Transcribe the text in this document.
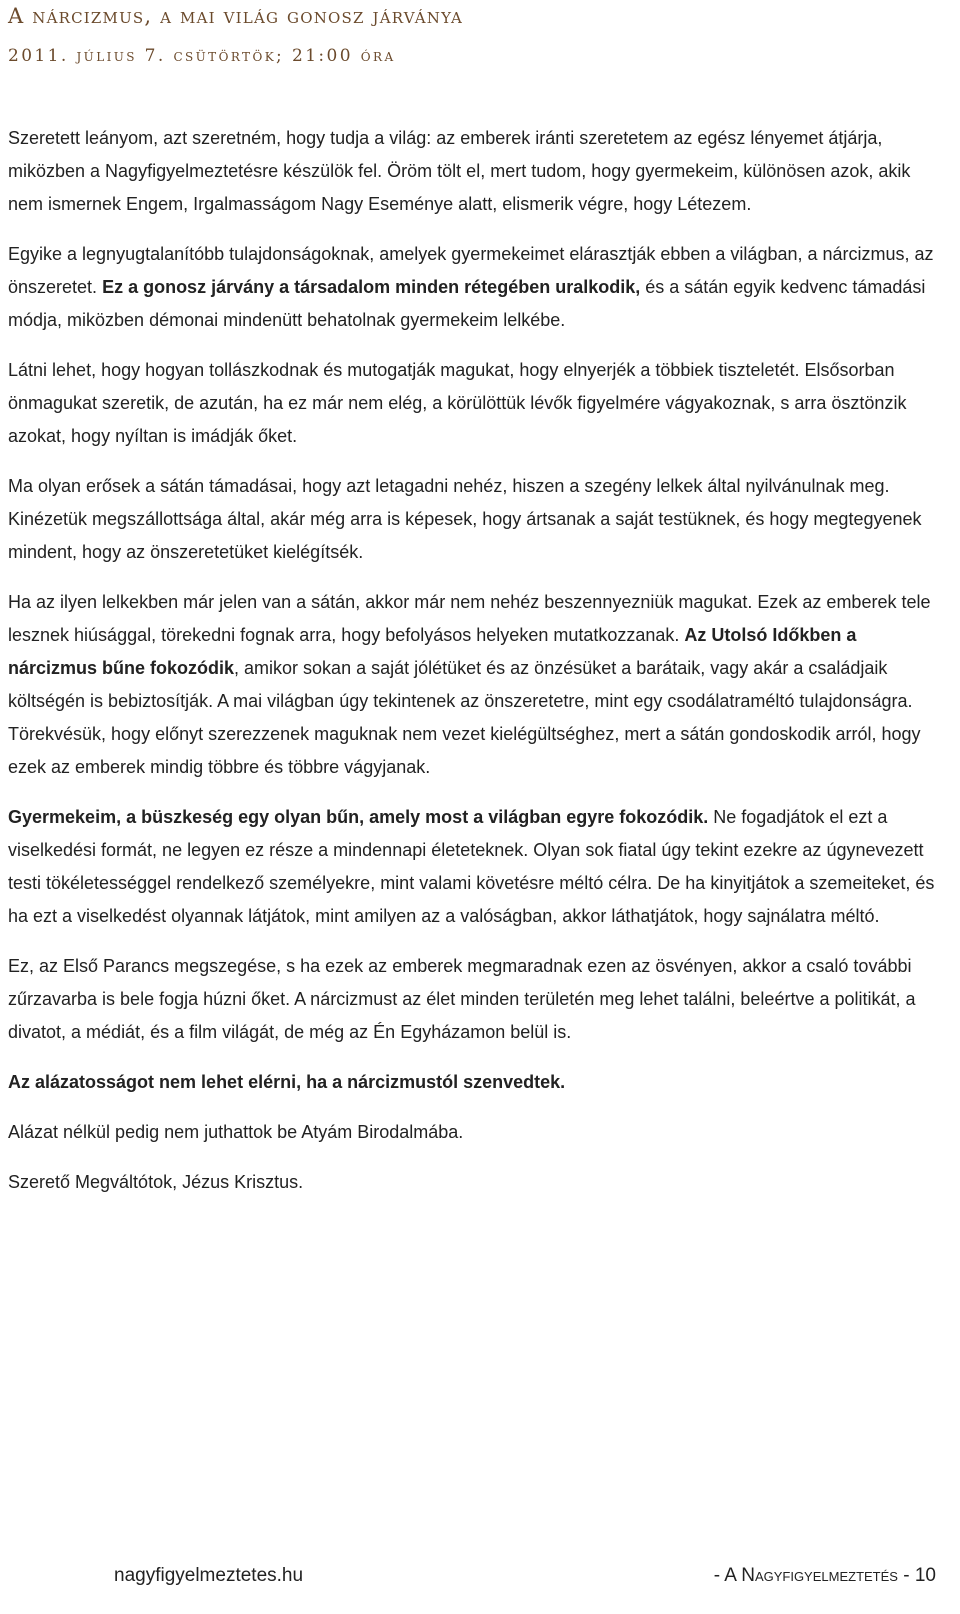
A nárcizmus, a mai világ gonosz járványa
2011. július 7. csütörtök; 21:00 óra

Szeretett leányom, azt szeretném, hogy tudja a világ: az emberek iránti szeretetem az egész lényemet átjárja, miközben a Nagyfigyelmeztetésre készülök fel. Öröm tölt el, mert tudom, hogy gyermekeim, különösen azok, akik nem ismernek Engem, Irgalmasságom Nagy Eseménye alatt, elismerik végre, hogy Létezem.

Egyike a legnyugtalanítóbb tulajdonságoknak, amelyek gyermekeimet elárasztják ebben a világban, a nárcizmus, az önszeretet. Ez a gonosz járvány a társadalom minden rétegében uralkodik, és a sátán egyik kedvenc támadási módja, miközben démonai mindenütt behatolnak gyermekeim lelkébe.

Látni lehet, hogy hogyan tollászkodnak és mutogatják magukat, hogy elnyerjék a többiek tiszteletét. Elsősorban önmagukat szeretik, de azután, ha ez már nem elég, a körülöttük lévők figyelmére vágyakoznak, s arra ösztönzik azokat, hogy nyíltan is imádják őket.

Ma olyan erősek a sátán támadásai, hogy azt letagadni nehéz, hiszen a szegény lelkek által nyilvánulnak meg. Kinézetük megszállottsága által, akár még arra is képesek, hogy ártsanak a saját testüknek, és hogy megtegyenek mindent, hogy az önszeretetüket kielégítsék.

Ha az ilyen lelkekben már jelen van a sátán, akkor már nem nehéz beszennyezniük magukat. Ezek az emberek tele lesznek hiúsággal, törekedni fognak arra, hogy befolyásos helyeken mutatkozzanak. Az Utolsó Időkben a nárcizmus bűne fokozódik, amikor sokan a saját jólétüket és az önzésüket a barátaik, vagy akár a családjaik költségén is bebiztosítják. A mai világban úgy tekintenek az önszeretetre, mint egy csodálatraméltó tulajdonságra. Törekvésük, hogy előnyt szerezzenek maguknak nem vezet kielégültséghez, mert a sátán gondoskodik arról, hogy ezek az emberek mindig többre és többre vágyjanak.

Gyermekeim, a büszkeség egy olyan bűn, amely most a világban egyre fokozódik. Ne fogadjátok el ezt a viselkedési formát, ne legyen ez része a mindennapi életeteknek. Olyan sok fiatal úgy tekint ezekre az úgynevezett testi tökéletességgel rendelkező személyekre, mint valami követésre méltó célra. De ha kinyitjátok a szemeiteket, és ha ezt a viselkedést olyannak látjátok, mint amilyen az a valóságban, akkor láthatjátok, hogy sajnálatra méltó.

Ez, az Első Parancs megszegése, s ha ezek az emberek megmaradnak ezen az ösvényen, akkor a csaló további zűrzavarba is bele fogja húzni őket. A nárcizmust az élet minden területén meg lehet találni, beleértve a politikát, a divatot, a médiát, és a film világát, de még az Én Egyházamon belül is.

Az alázatosságot nem lehet elérni, ha a nárcizmustól szenvedtek.

Alázat nélkül pedig nem juthattok be Atyám Birodalmába.

Szerető Megváltótok, Jézus Krisztus.

nagyfigyelmeztetes.hu	- A Nagyfigyelmeztetés - 10
